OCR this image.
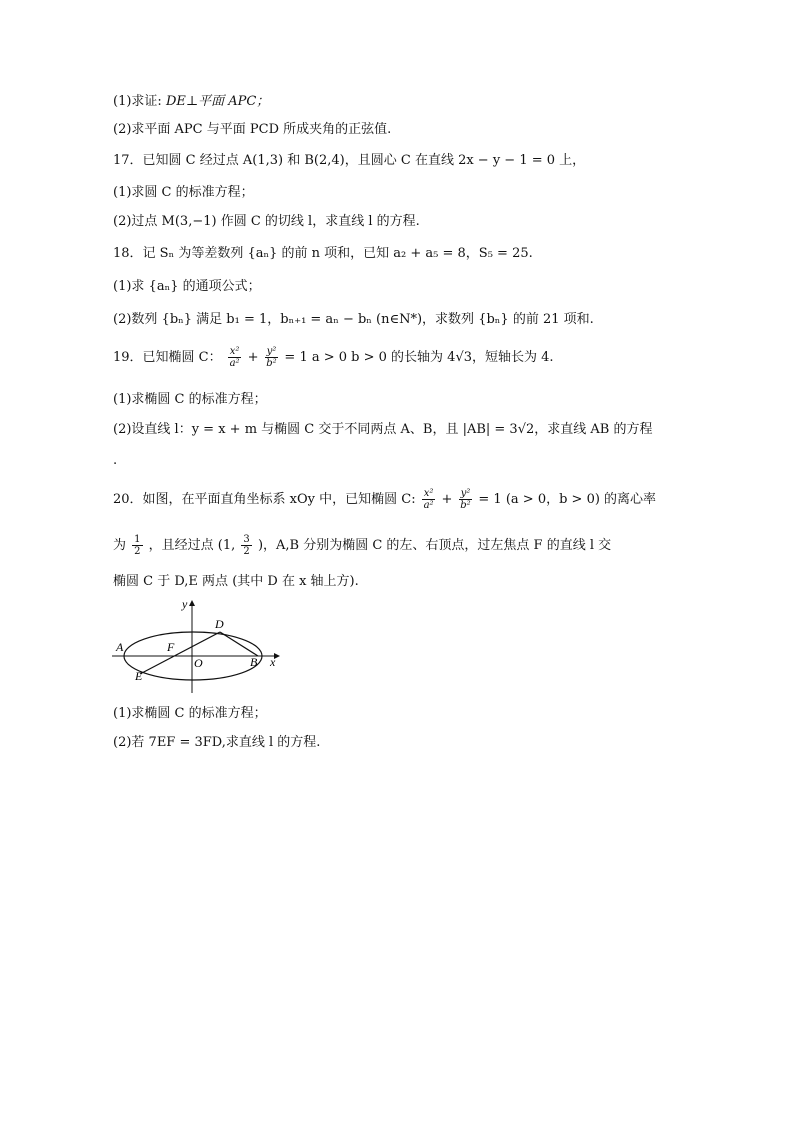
(1)求证: DE⊥平面 APC；
(2)求平面 APC 与平面 PCD 所成夹角的正弦值.
17．已知圆 C 经过点 A(1,3) 和 B(2,4)，且圆心 C 在直线 2x − y − 1 = 0 上，
(1)求圆 C 的标准方程；
(2)过点 M(3,−1) 作圆 C 的切线 l，求直线 l 的方程.
18．记 Sₙ 为等差数列 {aₙ} 的前 n 项和，已知 a₂ + a₅ = 8，S₅ = 25.
(1)求 {aₙ} 的通项公式；
(2)数列 {bₙ} 满足 b₁ = 1，bₙ₊₁ = aₙ − bₙ (n∈N*)，求数列 {bₙ} 的前 21 项和.
19．已知椭圆 C： $\frac{\text{x²}}{\text{a²}} + \frac{\text{y²}}{\text{b²}} = 1$ a > 0 b > 0 的长轴为 4√3，短轴长为 4.
(1)求椭圆 C 的标准方程；
(2)设直线 l：y = x + m 与椭圆 C 交于不同两点 A、B，且 |AB| = 3√2，求直线 AB 的方程
.
20．如图，在平面直角坐标系 xOy 中，已知椭圆 C: $\frac{\text{x²}}{\text{a²}} + \frac{\text{y²}}{\text{b²}} = 1$ (a > 0，b > 0) 的离心率
为 $\frac{1}{2}$ ，且经过点 (1, $\frac{3}{2}$ )，A,B 分别为椭圆 C 的左、右顶点，过左焦点 F 的直线 l 交
椭圆 C 于 D,E 两点 (其中 D 在 x 轴上方).
y
x
A
B
D
E
F
O
(1)求椭圆 C 的标准方程；
(2)若 7EF = 3FD,求直线 l 的方程.
